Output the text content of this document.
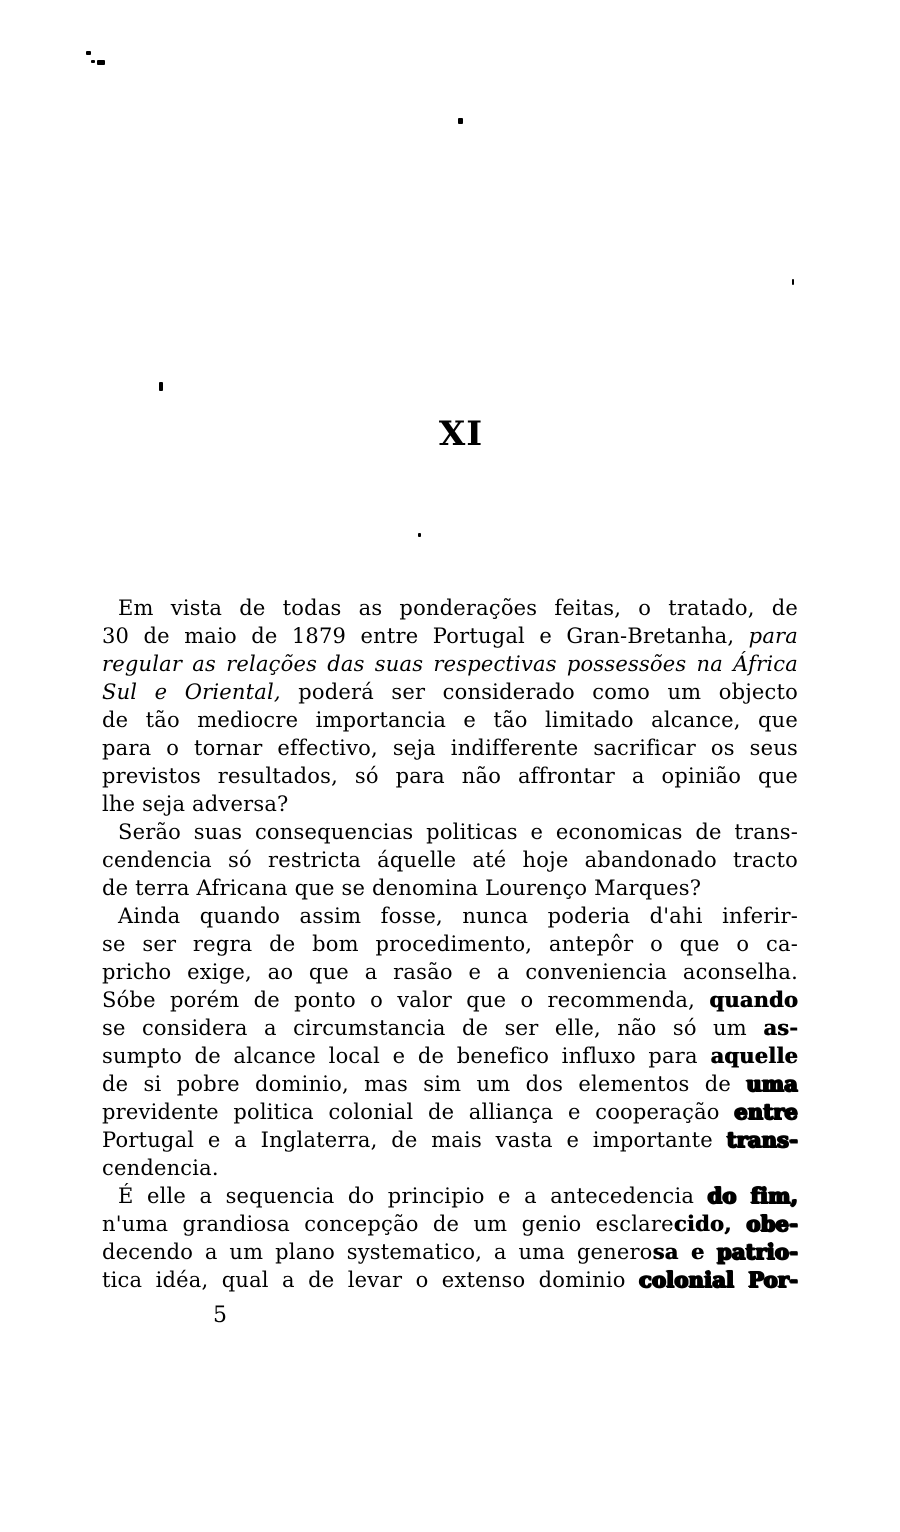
XI
Em vista de todas as ponderações feitas, o tratado, de
30 de maio de 1879 entre Portugal e Gran-Bretanha, para
regular as relações das suas respectivas possessões na África
Sul e Oriental, poderá ser considerado como um objecto
de tão mediocre importancia e tão limitado alcance, que
para o tornar effectivo, seja indifferente sacrificar os seus
previstos resultados, só para não affrontar a opinião que
lhe seja adversa?
Serão suas consequencias politicas e economicas de trans-
cendencia só restricta áquelle até hoje abandonado tracto
de terra Africana que se denomina Lourenço Marques?
Ainda quando assim fosse, nunca poderia d'ahi inferir-
se ser regra de bom procedimento, antepôr o que o ca-
pricho exige, ao que a rasão e a conveniencia aconselha.
Sóbe porém de ponto o valor que o recommenda, quando
se considera a circumstancia de ser elle, não só um as-
sumpto de alcance local e de benefico influxo para aquelle
de si pobre dominio, mas sim um dos elementos de uma
previdente politica colonial de alliança e cooperação entre
Portugal e a Inglaterra, de mais vasta e importante trans-
cendencia.
É elle a sequencia do principio e a antecedencia do fim,
n'uma grandiosa concepção de um genio esclarecido, obe-
decendo a um plano systematico, a uma generosa e patrio-
tica idéa, qual a de levar o extenso dominio colonial Por-
5
